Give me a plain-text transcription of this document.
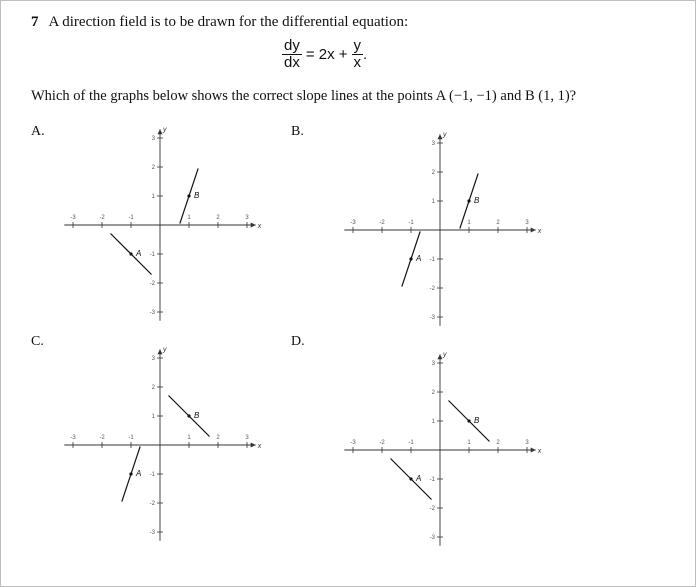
7 A direction field is to be drawn for the differential equation:
$\frac{dy}{dx} = 2x + \frac{y}{x}$ .
Which of the graphs below shows the correct slope lines at the points A (−1, −1) and B (1, 1)?
A.	B.
C.	D.
x
y
-3
-3
-2
-2
-1
-1
1
1
2
2
3
3
A
B
x
y
-3
-3
-2
-2
-1
-1
1
1
2
2
3
3
A
B
x
y
-3
-3
-2
-2
-1
-1
1
1
2
2
3
3
A
B
x
y
-3
-3
-2
-2
-1
-1
1
1
2
2
3
3
A
B
